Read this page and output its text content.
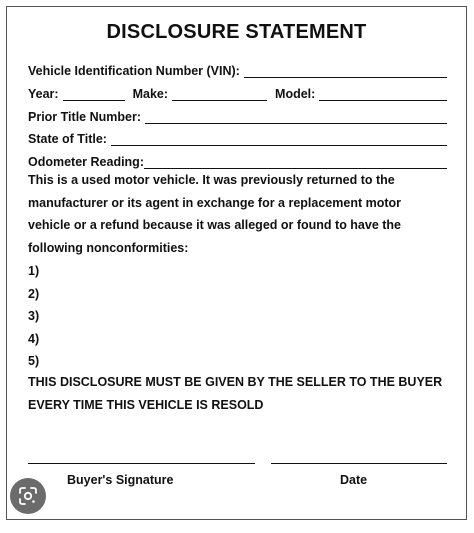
DISCLOSURE STATEMENT
Vehicle Identification Number (VIN):
Year:	Make:	Model:
Prior Title Number:
State of Title:
Odometer Reading:
This is a used motor vehicle. It was previously returned to the manufacturer or its agent in exchange for a replacement motor vehicle or a refund because it was alleged or found to have the following nonconformities:
1)
2)
3)
4)
5)
THIS DISCLOSURE MUST BE GIVEN BY THE SELLER TO THE BUYER EVERY TIME THIS VEHICLE IS RESOLD
Buyer's Signature	Date
